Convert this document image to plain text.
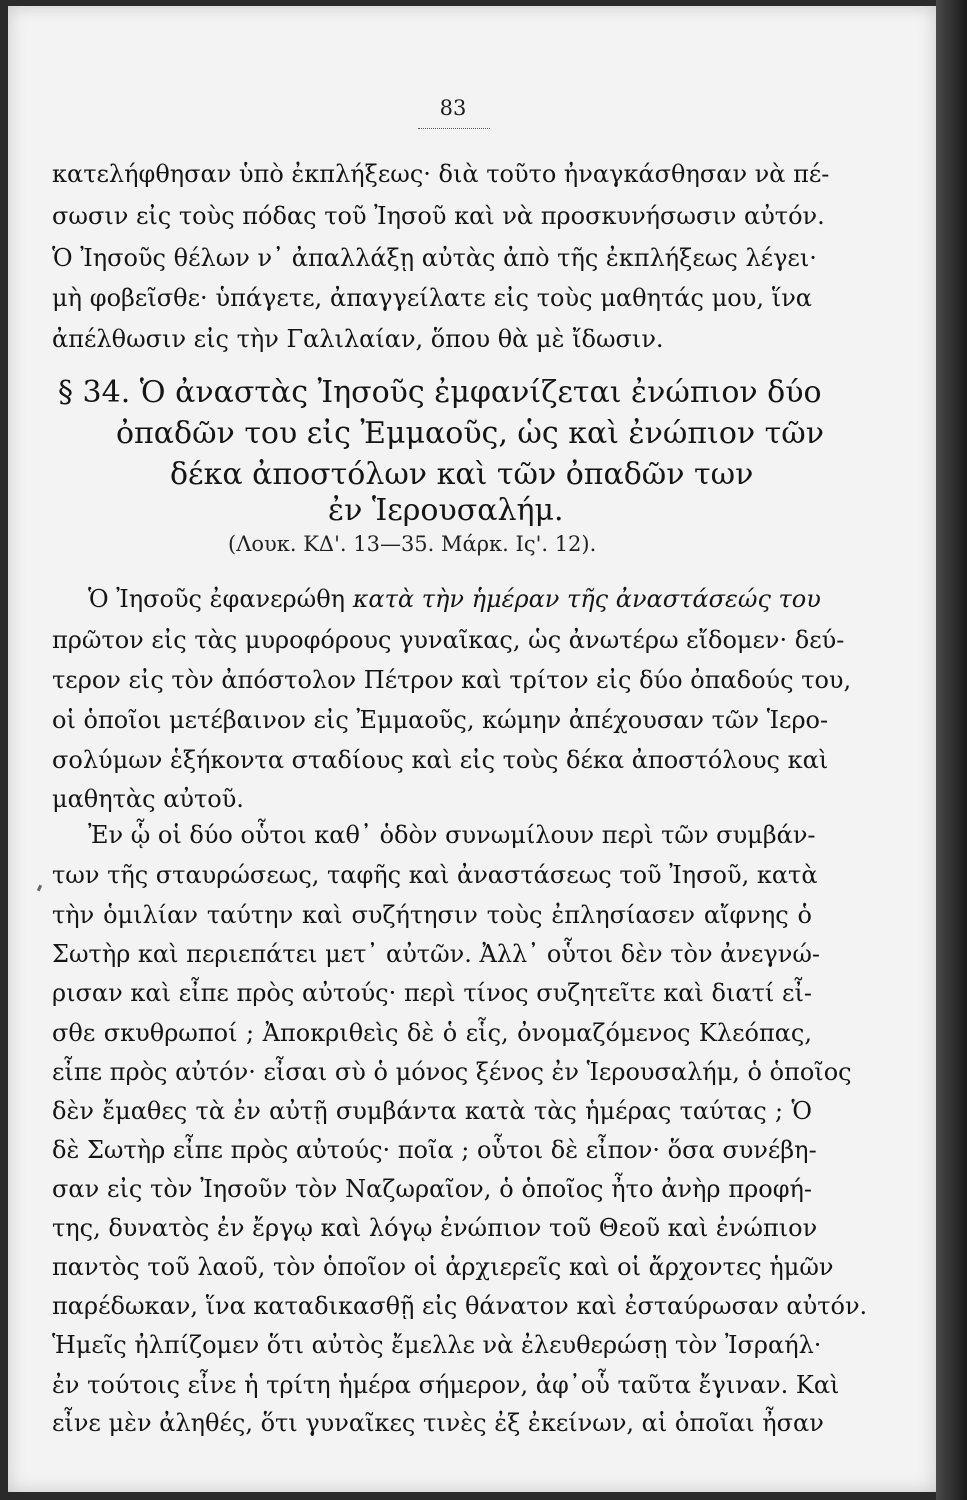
83
κατελήφθησαν ὑπὸ ἐκπλήξεως· διὰ τοῦτο ἠναγκάσθησαν νὰ πέ-
σωσιν εἰς τοὺς πόδας τοῦ Ἰησοῦ καὶ νὰ προσκυνήσωσιν αὐτόν.
Ὁ Ἰησοῦς θέλων ν᾿ ἀπαλλάξῃ αὐτὰς ἀπὸ τῆς ἐκπλήξεως λέγει·
μὴ φοβεῖσθε· ὑπάγετε, ἀπαγγείλατε εἰς τοὺς μαθητάς μου, ἵνα
ἀπέλθωσιν εἰς τὴν Γαλιλαίαν, ὅπου θὰ μὲ ἴδωσιν.
§ 34. Ὁ ἀναστὰς Ἰησοῦς ἐμφανίζεται ἐνώπιον δύο
ὀπαδῶν του εἰς Ἐμμαοῦς, ὡς καὶ ἐνώπιον τῶν
δέκα ἀποστόλων καὶ τῶν ὀπαδῶν των
ἐν Ἱερουσαλήμ.
(Λουκ. ΚΔ'. 13—35. Μάρκ. Ις'. 12).
Ὁ Ἰησοῦς ἐφανερώθη κατὰ τὴν ἡμέραν τῆς ἀναστάσεώς του
πρῶτον εἰς τὰς μυροφόρους γυναῖκας, ὡς ἀνωτέρω εἴδομεν· δεύ-
τερον εἰς τὸν ἀπόστολον Πέτρον καὶ τρίτον εἰς δύο ὀπαδούς του,
οἱ ὁποῖοι μετέβαινον εἰς Ἐμμαοῦς, κώμην ἀπέχουσαν τῶν Ἱερο-
σολύμων ἑξήκοντα σταδίους καὶ εἰς τοὺς δέκα ἀποστόλους καὶ
μαθητὰς αὐτοῦ.
Ἐν ᾧ οἱ δύο οὗτοι καθ᾿ ὁδὸν συνωμίλουν περὶ τῶν συμβάν-
των τῆς σταυρώσεως, ταφῆς καὶ ἀναστάσεως τοῦ Ἰησοῦ, κατὰ
τὴν ὁμιλίαν ταύτην καὶ συζήτησιν τοὺς ἐπλησίασεν αἴφνης ὁ
Σωτὴρ καὶ περιεπάτει μετ᾿ αὐτῶν. Ἀλλ᾿ οὗτοι δὲν τὸν ἀνεγνώ-
ρισαν καὶ εἶπε πρὸς αὐτούς· περὶ τίνος συζητεῖτε καὶ διατί εἶ-
σθε σκυθρωποί ; Ἀποκριθεὶς δὲ ὁ εἷς, ὀνομαζόμενος Κλεόπας,
εἶπε πρὸς αὐτόν· εἶσαι σὺ ὁ μόνος ξένος ἐν Ἱερουσαλήμ, ὁ ὁποῖος
δὲν ἔμαθες τὰ ἐν αὐτῇ συμβάντα κατὰ τὰς ἡμέρας ταύτας ; Ὁ
δὲ Σωτὴρ εἶπε πρὸς αὐτούς· ποῖα ; οὗτοι δὲ εἶπον· ὅσα συνέβη-
σαν εἰς τὸν Ἰησοῦν τὸν Ναζωραῖον, ὁ ὁποῖος ἦτο ἀνὴρ προφή-
της, δυνατὸς ἐν ἔργῳ καὶ λόγῳ ἐνώπιον τοῦ Θεοῦ καὶ ἐνώπιον
παντὸς τοῦ λαοῦ, τὸν ὁποῖον οἱ ἀρχιερεῖς καὶ οἱ ἄρχοντες ἡμῶν
παρέδωκαν, ἵνα καταδικασθῇ εἰς θάνατον καὶ ἐσταύρωσαν αὐτόν.
Ἡμεῖς ἠλπίζομεν ὅτι αὐτὸς ἔμελλε νὰ ἐλευθερώσῃ τὸν Ἰσραήλ·
ἐν τούτοις εἶνε ἡ τρίτη ἡμέρα σήμερον, ἀφ᾿οὗ ταῦτα ἔγιναν. Καὶ
εἶνε μὲν ἀληθές, ὅτι γυναῖκες τινὲς ἐξ ἐκείνων, αἱ ὁποῖαι ἦσαν
